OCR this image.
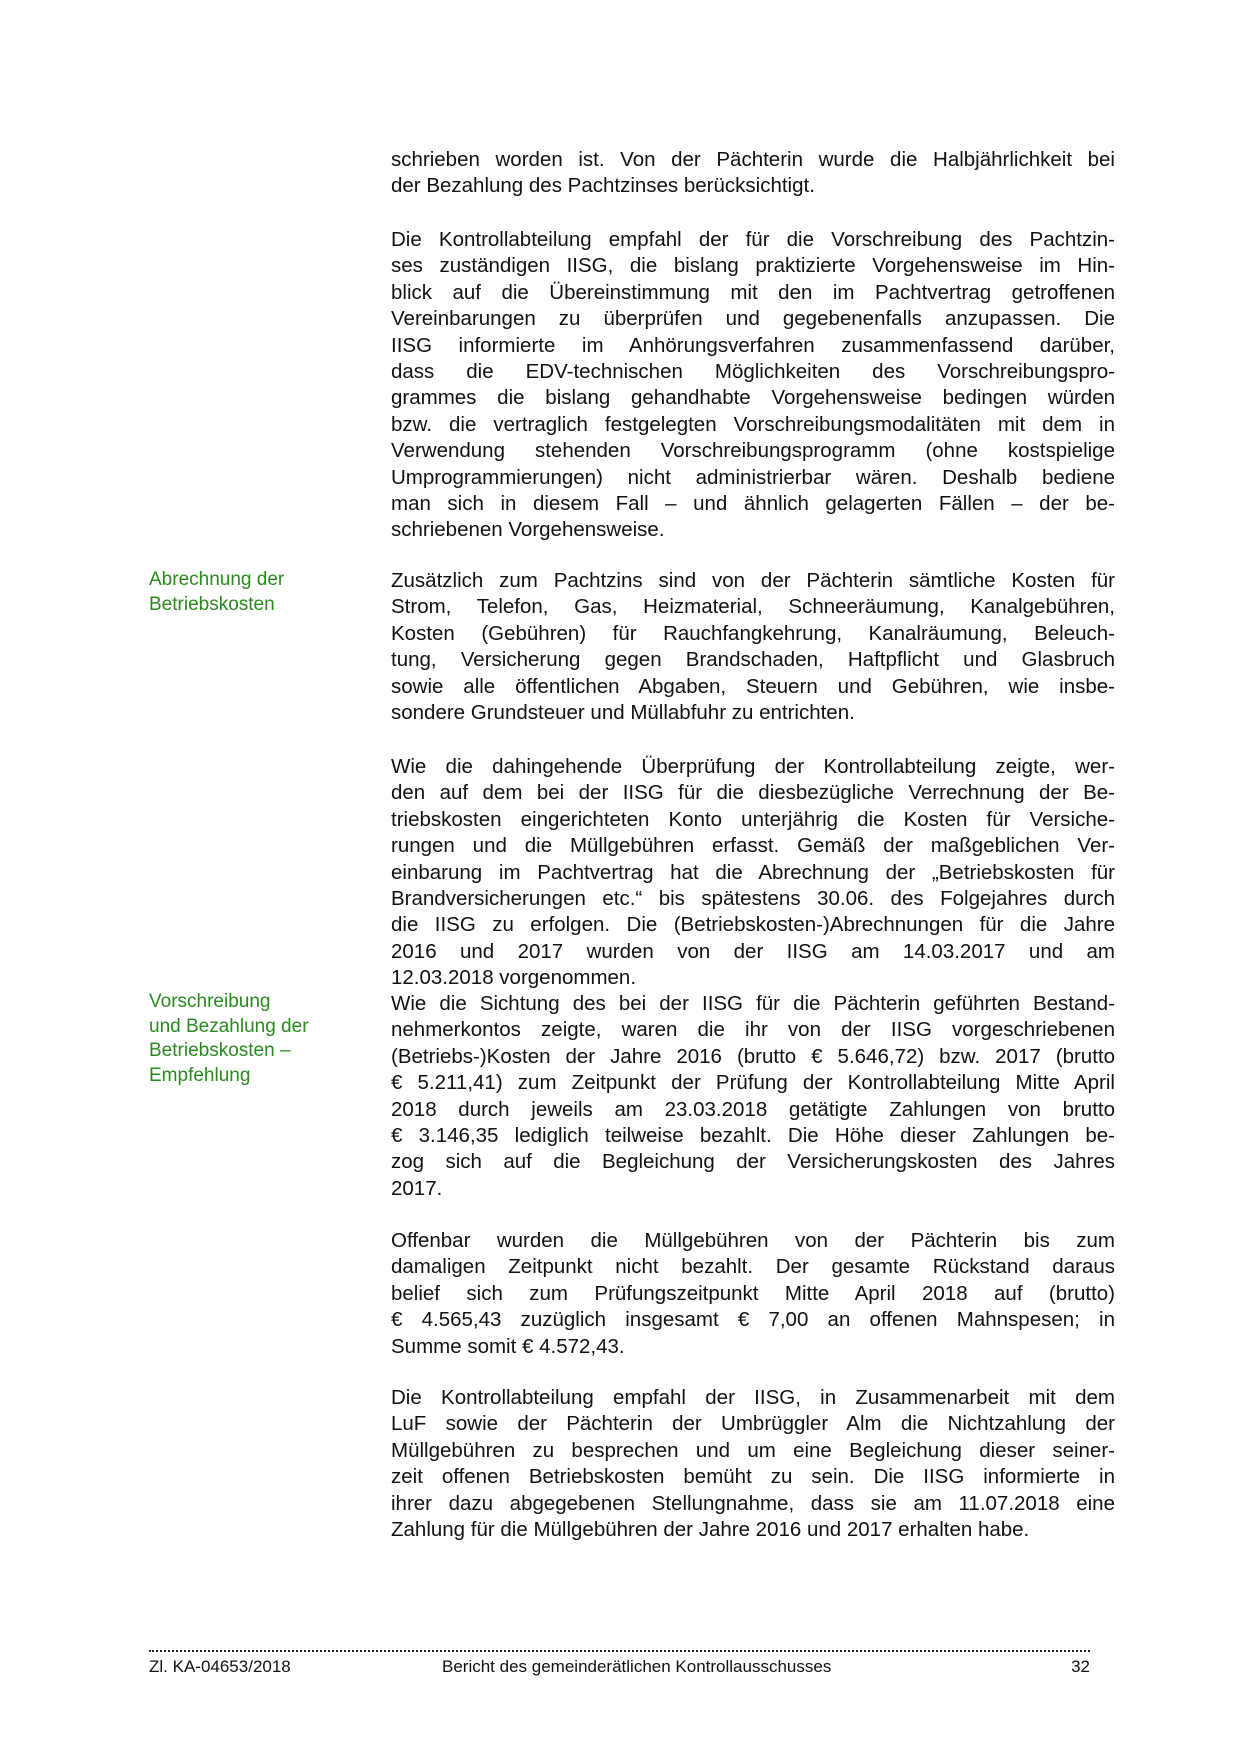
Abrechnung der
Betriebskosten
Vorschreibung
und Bezahlung der
Betriebskosten –
Empfehlung
schrieben worden ist. Von der Pächterin wurde die Halbjährlichkeit bei
der Bezahlung des Pachtzinses berücksichtigt.
Die Kontrollabteilung empfahl der für die Vorschreibung des Pachtzin-
ses zuständigen IISG, die bislang praktizierte Vorgehensweise im Hin-
blick auf die Übereinstimmung mit den im Pachtvertrag getroffenen
Vereinbarungen zu überprüfen und gegebenenfalls anzupassen. Die
IISG informierte im Anhörungsverfahren zusammenfassend darüber,
dass die EDV-technischen Möglichkeiten des Vorschreibungspro-
grammes die bislang gehandhabte Vorgehensweise bedingen würden
bzw. die vertraglich festgelegten Vorschreibungsmodalitäten mit dem in
Verwendung stehenden Vorschreibungsprogramm (ohne kostspielige
Umprogrammierungen) nicht administrierbar wären. Deshalb bediene
man sich in diesem Fall – und ähnlich gelagerten Fällen – der be-
schriebenen Vorgehensweise.
Zusätzlich zum Pachtzins sind von der Pächterin sämtliche Kosten für
Strom, Telefon, Gas, Heizmaterial, Schneeräumung, Kanalgebühren,
Kosten (Gebühren) für Rauchfangkehrung, Kanalräumung, Beleuch-
tung, Versicherung gegen Brandschaden, Haftpflicht und Glasbruch
sowie alle öffentlichen Abgaben, Steuern und Gebühren, wie insbe-
sondere Grundsteuer und Müllabfuhr zu entrichten.
Wie die dahingehende Überprüfung der Kontrollabteilung zeigte, wer-
den auf dem bei der IISG für die diesbezügliche Verrechnung der Be-
triebskosten eingerichteten Konto unterjährig die Kosten für Versiche-
rungen und die Müllgebühren erfasst. Gemäß der maßgeblichen Ver-
einbarung im Pachtvertrag hat die Abrechnung der „Betriebskosten für
Brandversicherungen etc.“ bis spätestens 30.06. des Folgejahres durch
die IISG zu erfolgen. Die (Betriebskosten-)Abrechnungen für die Jahre
2016 und 2017 wurden von der IISG am 14.03.2017 und am
12.03.2018 vorgenommen.
Wie die Sichtung des bei der IISG für die Pächterin geführten Bestand-
nehmerkontos zeigte, waren die ihr von der IISG vorgeschriebenen
(Betriebs-)Kosten der Jahre 2016 (brutto € 5.646,72) bzw. 2017 (brutto
€ 5.211,41) zum Zeitpunkt der Prüfung der Kontrollabteilung Mitte April
2018 durch jeweils am 23.03.2018 getätigte Zahlungen von brutto
€ 3.146,35 lediglich teilweise bezahlt. Die Höhe dieser Zahlungen be-
zog sich auf die Begleichung der Versicherungskosten des Jahres
2017.
Offenbar wurden die Müllgebühren von der Pächterin bis zum
damaligen Zeitpunkt nicht bezahlt. Der gesamte Rückstand daraus
belief sich zum Prüfungszeitpunkt Mitte April 2018 auf (brutto)
€ 4.565,43 zuzüglich insgesamt € 7,00 an offenen Mahnspesen; in
Summe somit € 4.572,43.
Die Kontrollabteilung empfahl der IISG, in Zusammenarbeit mit dem
LuF sowie der Pächterin der Umbrüggler Alm die Nichtzahlung der
Müllgebühren zu besprechen und um eine Begleichung dieser seiner-
zeit offenen Betriebskosten bemüht zu sein. Die IISG informierte in
ihrer dazu abgegebenen Stellungnahme, dass sie am 11.07.2018 eine
Zahlung für die Müllgebühren der Jahre 2016 und 2017 erhalten habe.
Zl. KA-04653/2018	Bericht des gemeinderätlichen Kontrollausschusses	32
